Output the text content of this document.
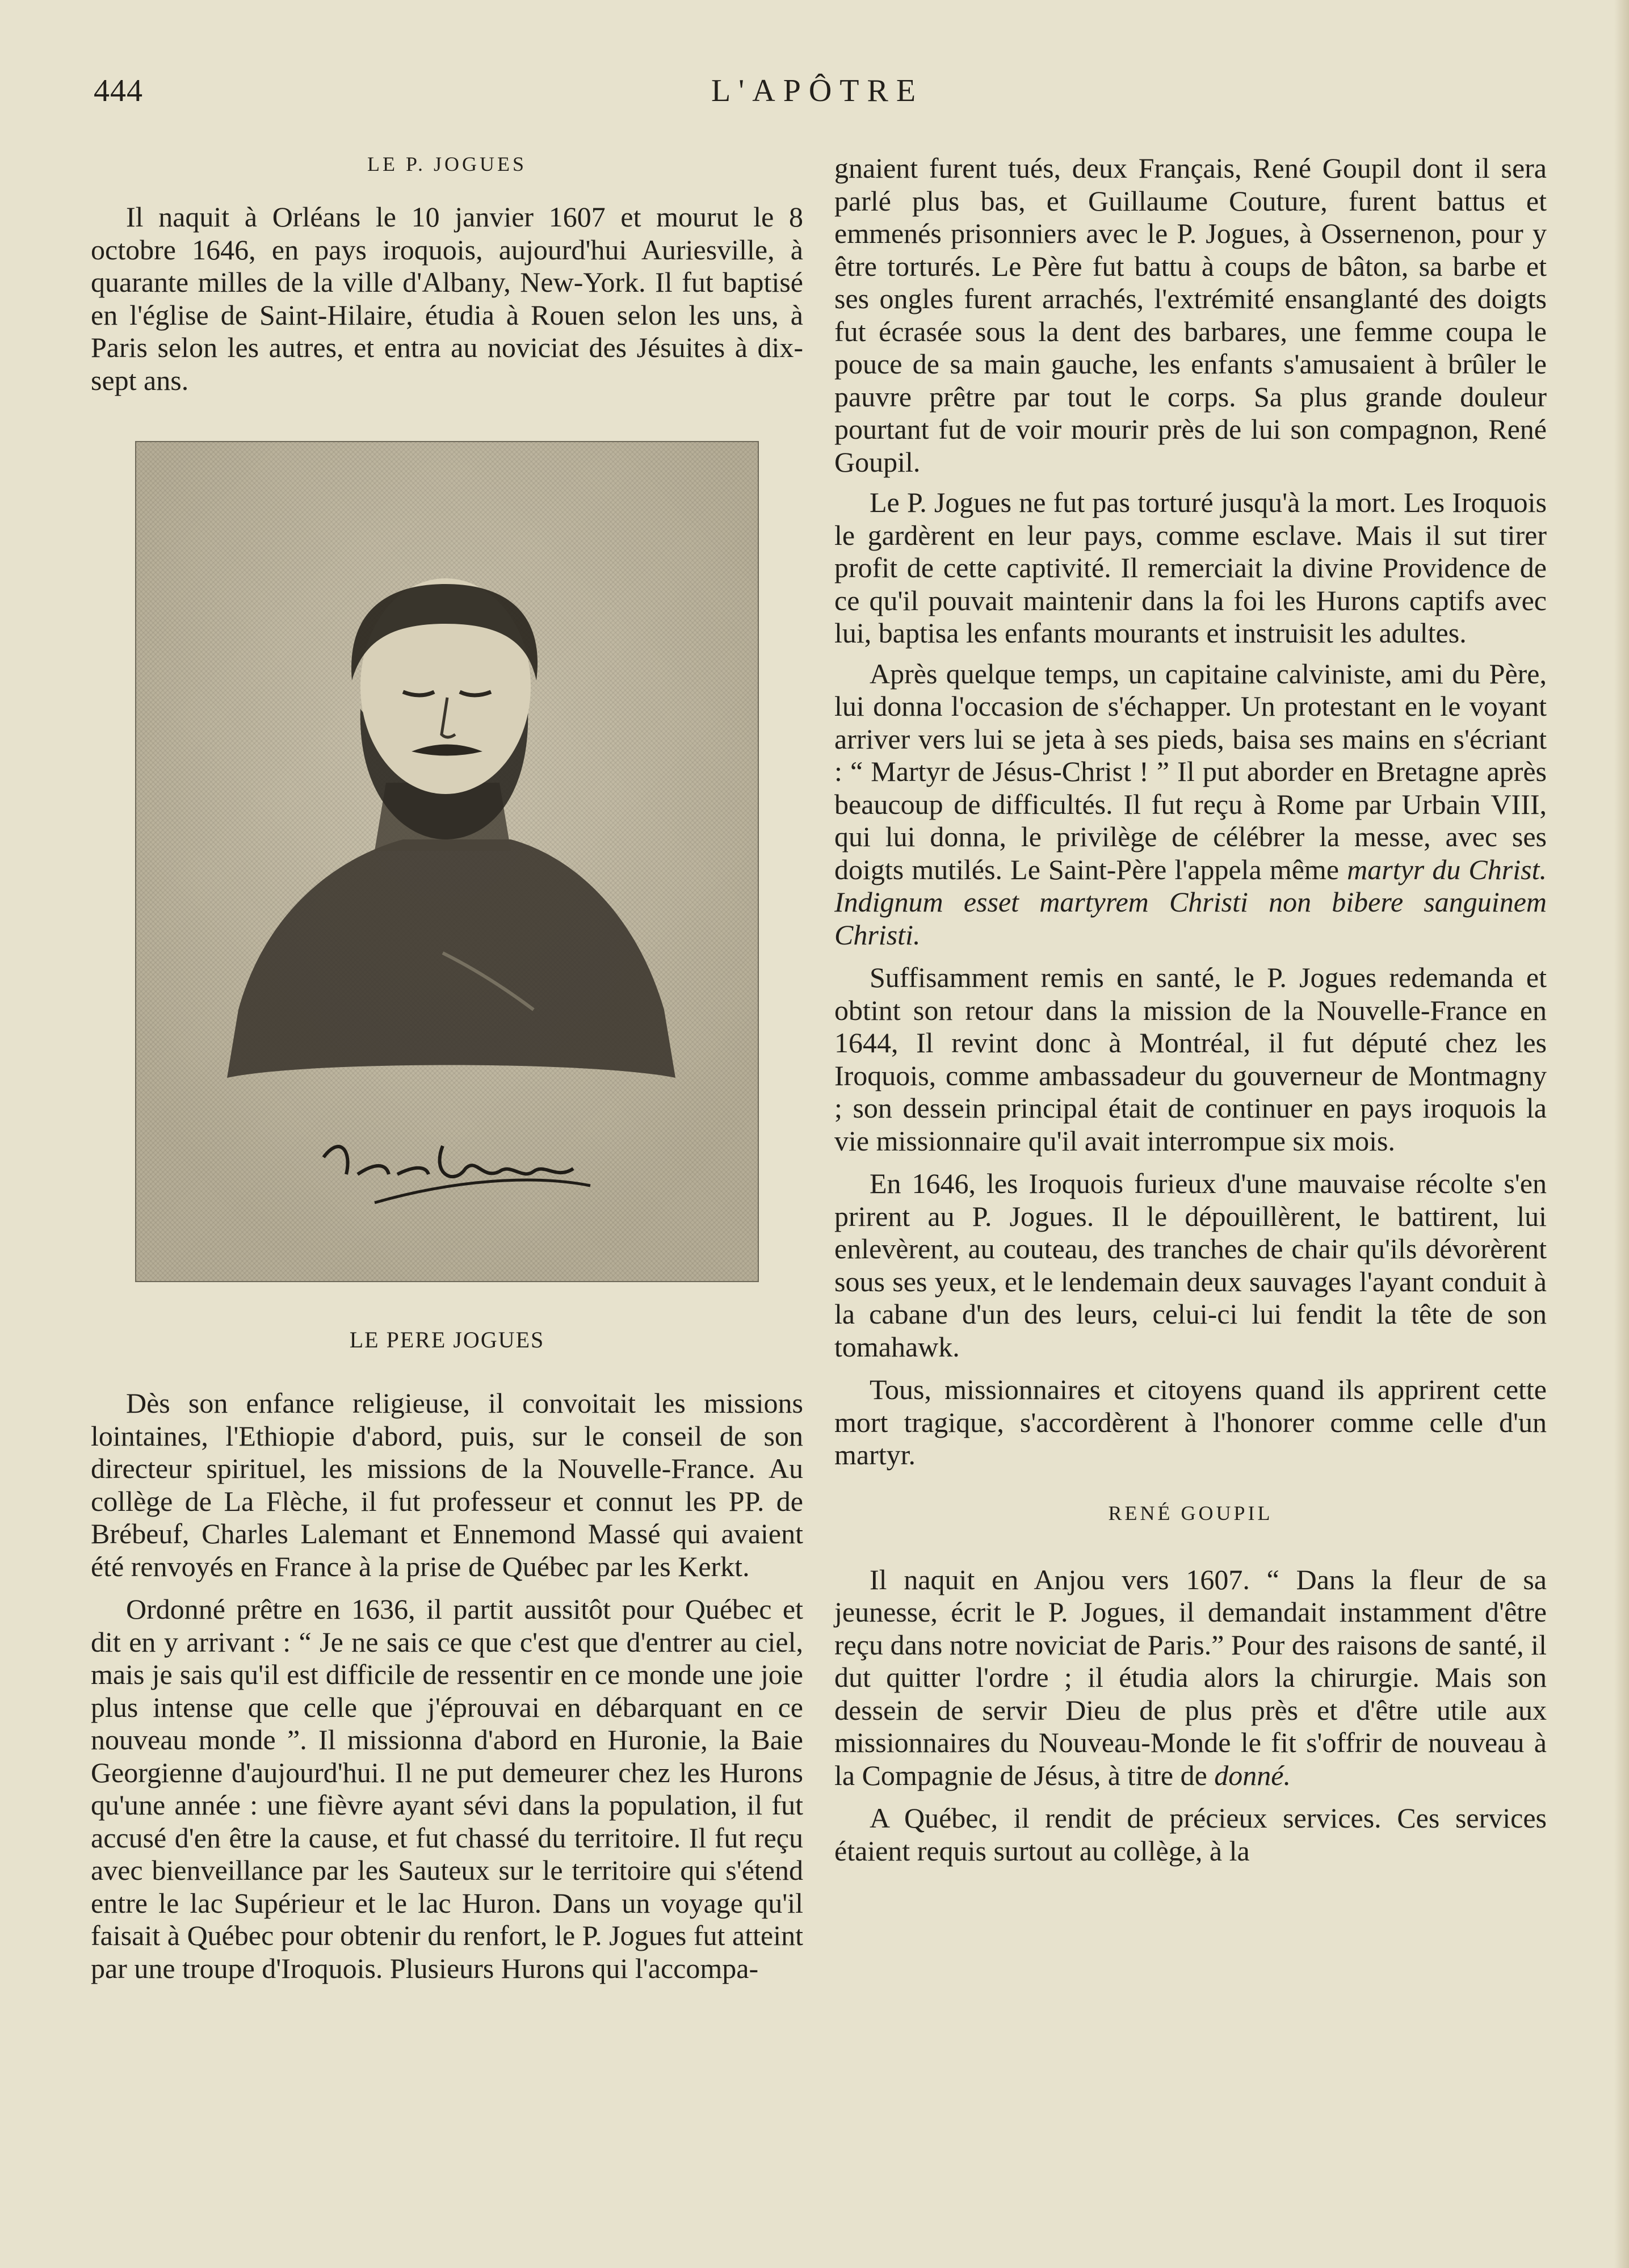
444	L'APÔTRE
LE P. JOGUES

Il naquit à Orléans le 10 janvier 1607 et mourut le 8 octobre 1646, en pays iroquois, aujourd'hui Auriesville, à quarante milles de la ville d'Albany, New-York. Il fut baptisé en l'église de Saint-Hilaire, étudia à Rouen selon les uns, à Paris selon les autres, et entra au noviciat des Jésuites à dix-sept ans.

LE PERE JOGUES

Dès son enfance religieuse, il convoitait les missions lointaines, l'Ethiopie d'abord, puis, sur le conseil de son directeur spirituel, les missions de la Nouvelle-France. Au collège de La Flèche, il fut professeur et connut les PP. de Brébeuf, Charles Lalemant et Ennemond Massé qui avaient été renvoyés en France à la prise de Québec par les Kerkt.

Ordonné prêtre en 1636, il partit aussitôt pour Québec et dit en y arrivant : “ Je ne sais ce que c'est que d'entrer au ciel, mais je sais qu'il est difficile de ressentir en ce monde une joie plus intense que celle que j'éprouvai en débarquant en ce nouveau monde ”. Il missionna d'abord en Huronie, la Baie Georgienne d'aujourd'hui. Il ne put demeurer chez les Hurons qu'une année : une fièvre ayant sévi dans la population, il fut accusé d'en être la cause, et fut chassé du territoire. Il fut reçu avec bienveillance par les Sauteux sur le territoire qui s'étend entre le lac Supérieur et le lac Huron. Dans un voyage qu'il faisait à Québec pour obtenir du renfort, le P. Jogues fut atteint par une troupe d'Iroquois. Plusieurs Hurons qui l'accompa-

gnaient furent tués, deux Français, René Goupil dont il sera parlé plus bas, et Guillaume Couture, furent battus et emmenés prisonniers avec le P. Jogues, à Ossernenon, pour y être torturés. Le Père fut battu à coups de bâton, sa barbe et ses ongles furent arrachés, l'extrémité ensanglanté des doigts fut écrasée sous la dent des barbares, une femme coupa le pouce de sa main gauche, les enfants s'amusaient à brûler le pauvre prêtre par tout le corps. Sa plus grande douleur pourtant fut de voir mourir près de lui son compagnon, René Goupil.

Le P. Jogues ne fut pas torturé jusqu'à la mort. Les Iroquois le gardèrent en leur pays, comme esclave. Mais il sut tirer profit de cette captivité. Il remerciait la divine Providence de ce qu'il pouvait maintenir dans la foi les Hurons captifs avec lui, baptisa les enfants mourants et instruisit les adultes.

Après quelque temps, un capitaine calviniste, ami du Père, lui donna l'occasion de s'échapper. Un protestant en le voyant arriver vers lui se jeta à ses pieds, baisa ses mains en s'écriant : “ Martyr de Jésus-Christ ! ” Il put aborder en Bretagne après beaucoup de difficultés. Il fut reçu à Rome par Urbain VIII, qui lui donna, le privilège de célébrer la messe, avec ses doigts mutilés. Le Saint-Père l'appela même martyr du Christ. Indignum esset martyrem Christi non bibere sanguinem Christi.

Suffisamment remis en santé, le P. Jogues redemanda et obtint son retour dans la mission de la Nouvelle-France en 1644, Il revint donc à Montréal, il fut député chez les Iroquois, comme ambassadeur du gouverneur de Montmagny ; son dessein principal était de continuer en pays iroquois la vie missionnaire qu'il avait interrompue six mois.

En 1646, les Iroquois furieux d'une mauvaise récolte s'en prirent au P. Jogues. Il le dépouillèrent, le battirent, lui enlevèrent, au couteau, des tranches de chair qu'ils dévorèrent sous ses yeux, et le lendemain deux sauvages l'ayant conduit à la cabane d'un des leurs, celui-ci lui fendit la tête de son tomahawk.

Tous, missionnaires et citoyens quand ils apprirent cette mort tragique, s'accordèrent à l'honorer comme celle d'un martyr.

RENÉ GOUPIL

Il naquit en Anjou vers 1607. “ Dans la fleur de sa jeunesse, écrit le P. Jogues, il demandait instamment d'être reçu dans notre noviciat de Paris.” Pour des raisons de santé, il dut quitter l'ordre ; il étudia alors la chirurgie. Mais son dessein de servir Dieu de plus près et d'être utile aux missionnaires du Nouveau-Monde le fit s'offrir de nouveau à la Compagnie de Jésus, à titre de donné.

A Québec, il rendit de précieux services. Ces services étaient requis surtout au collège, à la
